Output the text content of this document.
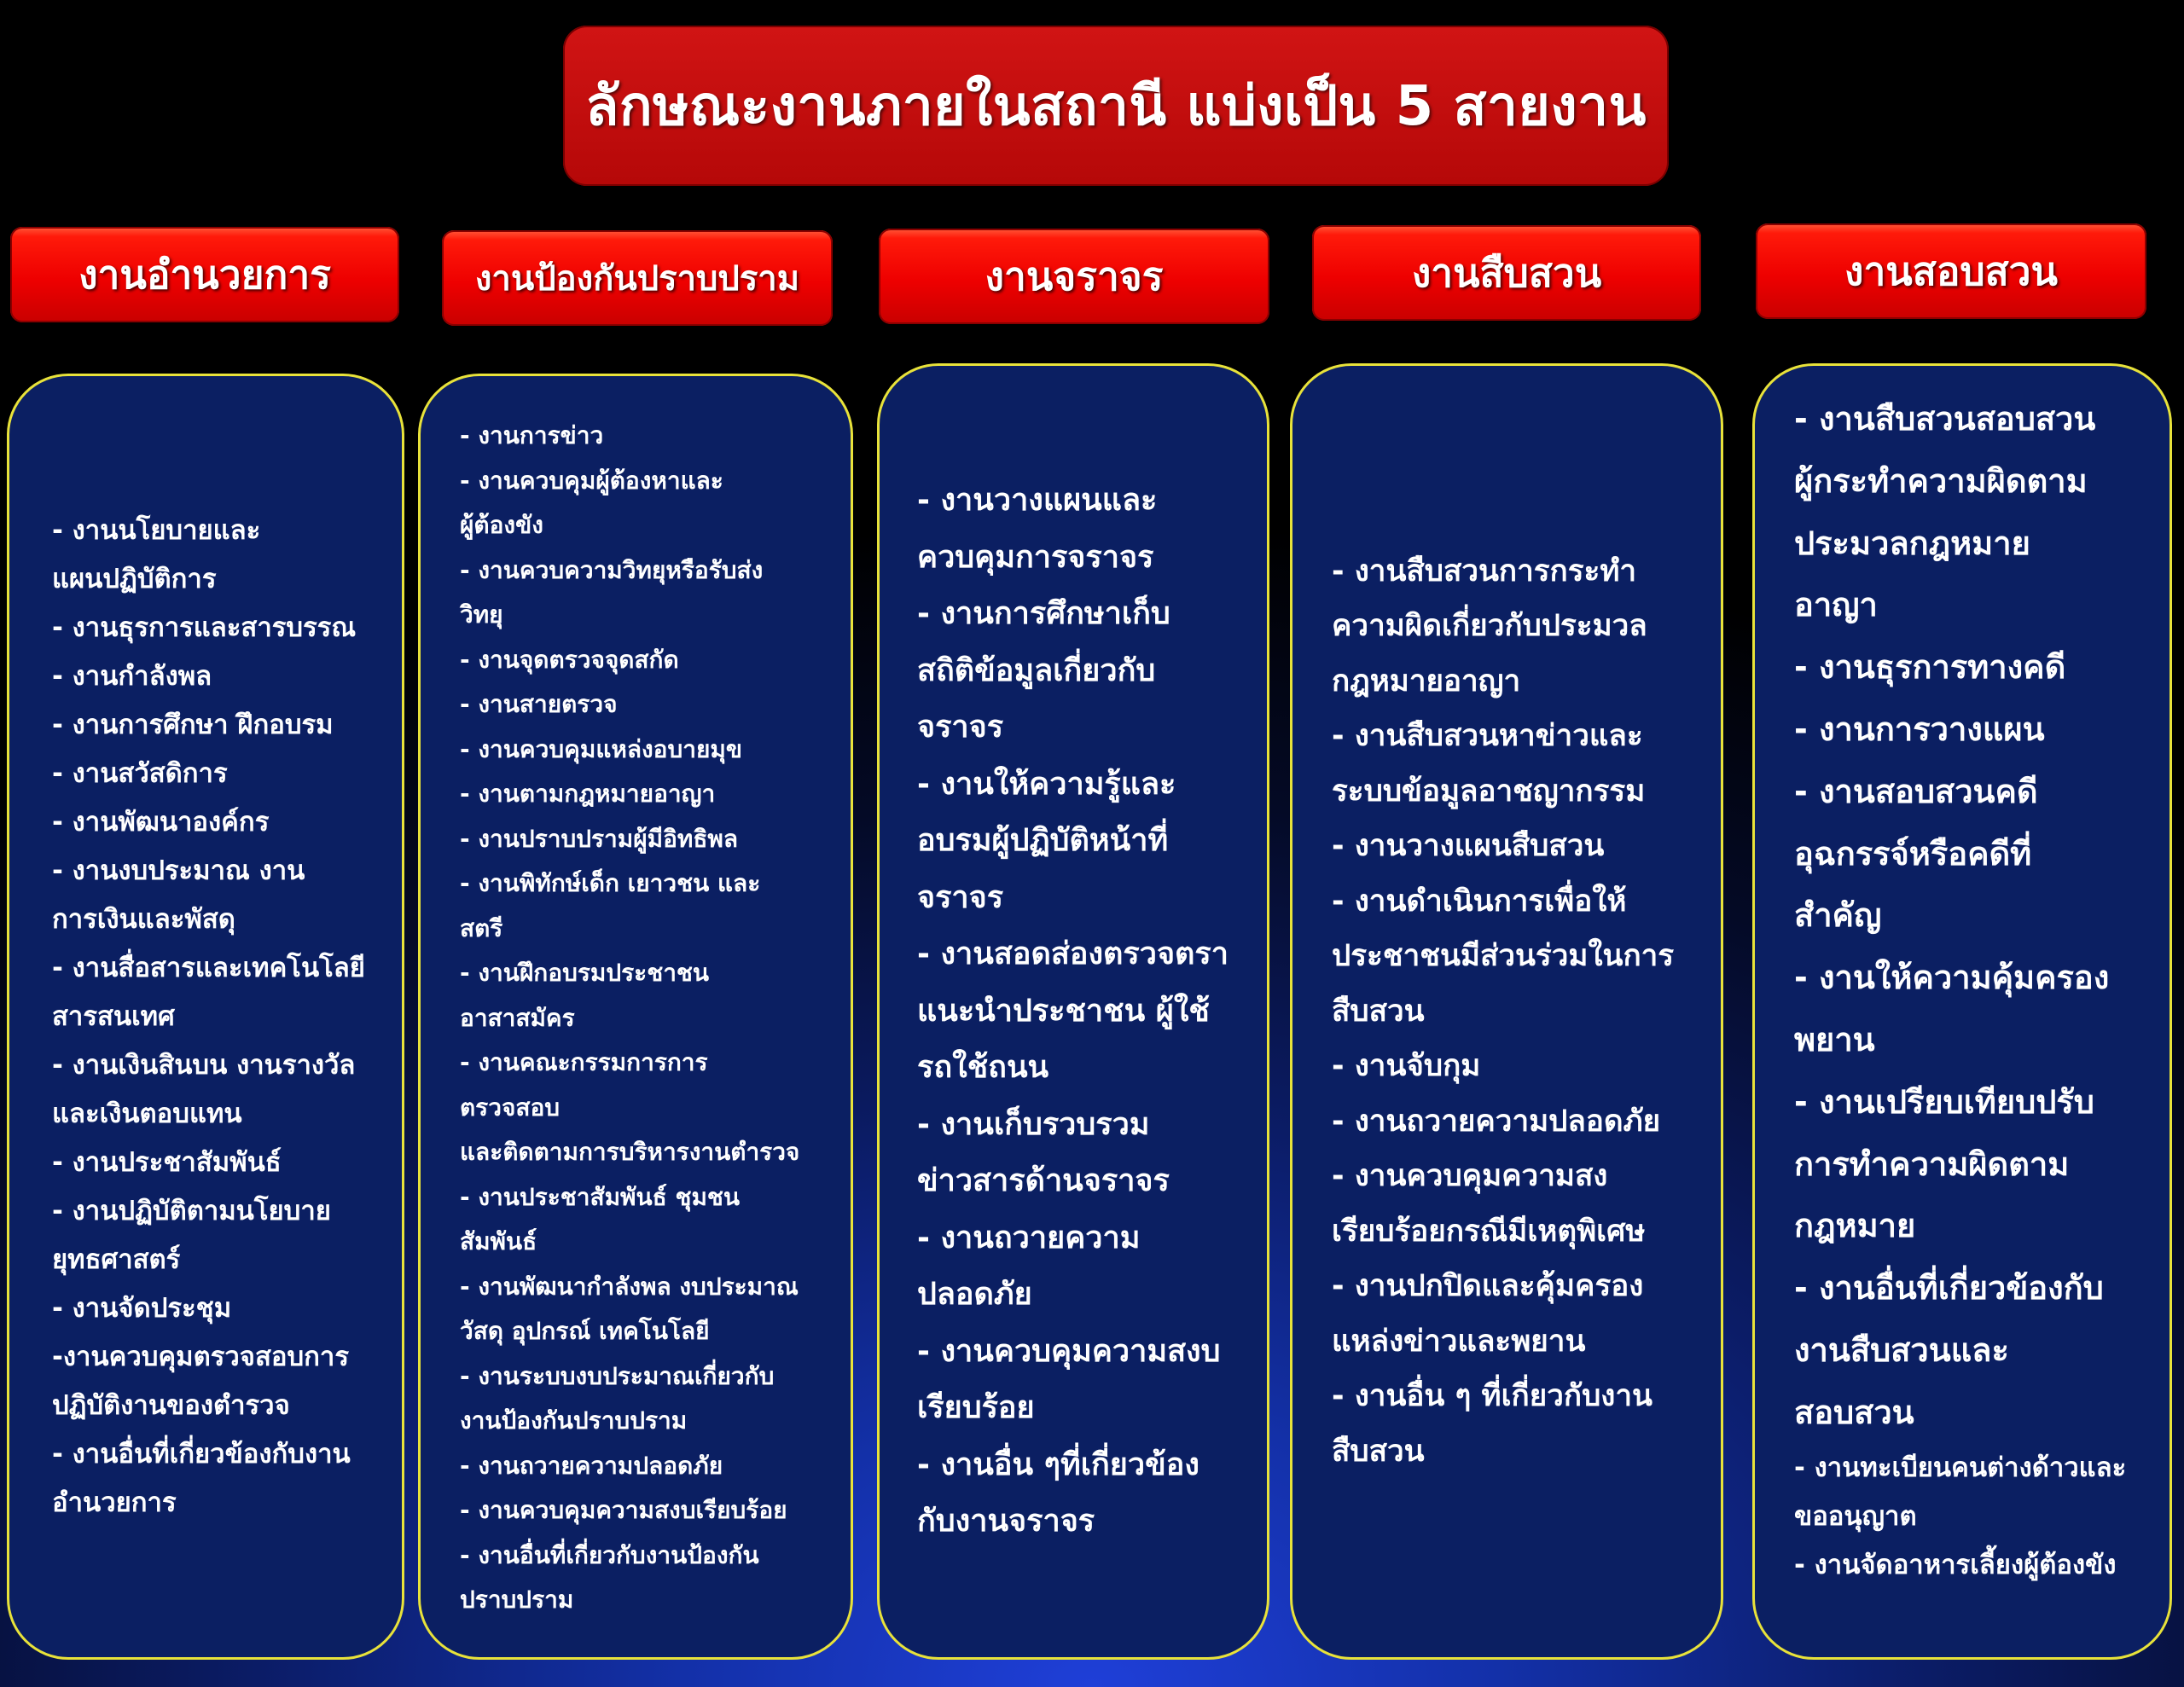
ลักษณะงานภายในสถานี แบ่งเป็น 5 สายงาน
งานอำนวยการ	งานป้องกันปราบปราม	งานจราจร	งานสืบสวน	งานสอบสวน
- งานนโยบายและ
แผนปฏิบัติการ
- งานธุรการและสารบรรณ
- งานกำลังพล
- งานการศึกษา ฝึกอบรม
- งานสวัสดิการ
- งานพัฒนาองค์กร
- งานงบประมาณ งาน
การเงินและพัสดุ
- งานสื่อสารและเทคโนโลยี
สารสนเทศ
- งานเงินสินบน งานรางวัล
และเงินตอบแทน
- งานประชาสัมพันธ์
- งานปฏิบัติตามนโยบาย
ยุทธศาสตร์
- งานจัดประชุม
-งานควบคุมตรวจสอบการ
ปฏิบัติงานของตำรวจ
- งานอื่นที่เกี่ยวข้องกับงาน
อำนวยการ
- งานการข่าว
- งานควบคุมผู้ต้องหาและ
ผู้ต้องขัง
- งานควบความวิทยุหรือรับส่ง
วิทยุ
- งานจุดตรวจจุดสกัด
- งานสายตรวจ
- งานควบคุมแหล่งอบายมุข
- งานตามกฎหมายอาญา
- งานปราบปรามผู้มีอิทธิพล
- งานพิทักษ์เด็ก เยาวชน และ
สตรี
- งานฝึกอบรมประชาชน
อาสาสมัคร
- งานคณะกรรมการการ
ตรวจสอบ
และติดตามการบริหารงานตำรวจ
- งานประชาสัมพันธ์ ชุมชน
สัมพันธ์
- งานพัฒนากำลังพล งบประมาณ
วัสดุ อุปกรณ์ เทคโนโลยี
- งานระบบงบประมาณเกี่ยวกับ
งานป้องกันปราบปราม
- งานถวายความปลอดภัย
- งานควบคุมความสงบเรียบร้อย
- งานอื่นที่เกี่ยวกับงานป้องกัน
ปราบปราม
- งานวางแผนและ
ควบคุมการจราจร
- งานการศึกษาเก็บ
สถิติข้อมูลเกี่ยวกับ
จราจร
- งานให้ความรู้และ
อบรมผู้ปฏิบัติหน้าที่
จราจร
- งานสอดส่องตรวจตรา
แนะนำประชาชน ผู้ใช้
รถใช้ถนน
- งานเก็บรวบรวม
ข่าวสารด้านจราจร
- งานถวายความ
ปลอดภัย
- งานควบคุมความสงบ
เรียบร้อย
- งานอื่น ๆที่เกี่ยวข้อง
กับงานจราจร
- งานสืบสวนการกระทำ
ความผิดเกี่ยวกับประมวล
กฎหมายอาญา
- งานสืบสวนหาข่าวและ
ระบบข้อมูลอาชญากรรม
- งานวางแผนสืบสวน
- งานดำเนินการเพื่อให้
ประชาชนมีส่วนร่วมในการ
สืบสวน
- งานจับกุม
- งานถวายความปลอดภัย
- งานควบคุมความสง
เรียบร้อยกรณีมีเหตุพิเศษ
- งานปกปิดและคุ้มครอง
แหล่งข่าวและพยาน
- งานอื่น ๆ ที่เกี่ยวกับงาน
สืบสวน
- งานสืบสวนสอบสวน
ผู้กระทำความผิดตาม
ประมวลกฎหมาย
อาญา
- งานธุรการทางคดี
- งานการวางแผน
- งานสอบสวนคดี
อุฉกรรจ์หรือคดีที่
สำคัญ
- งานให้ความคุ้มครอง
พยาน
- งานเปรียบเทียบปรับ
การทำความผิดตาม
กฎหมาย
- งานอื่นที่เกี่ยวข้องกับ
งานสืบสวนและ
สอบสวน
- งานทะเบียนคนต่างด้าวและ
ขออนุญาต
- งานจัดอาหารเลี้ยงผู้ต้องขัง
